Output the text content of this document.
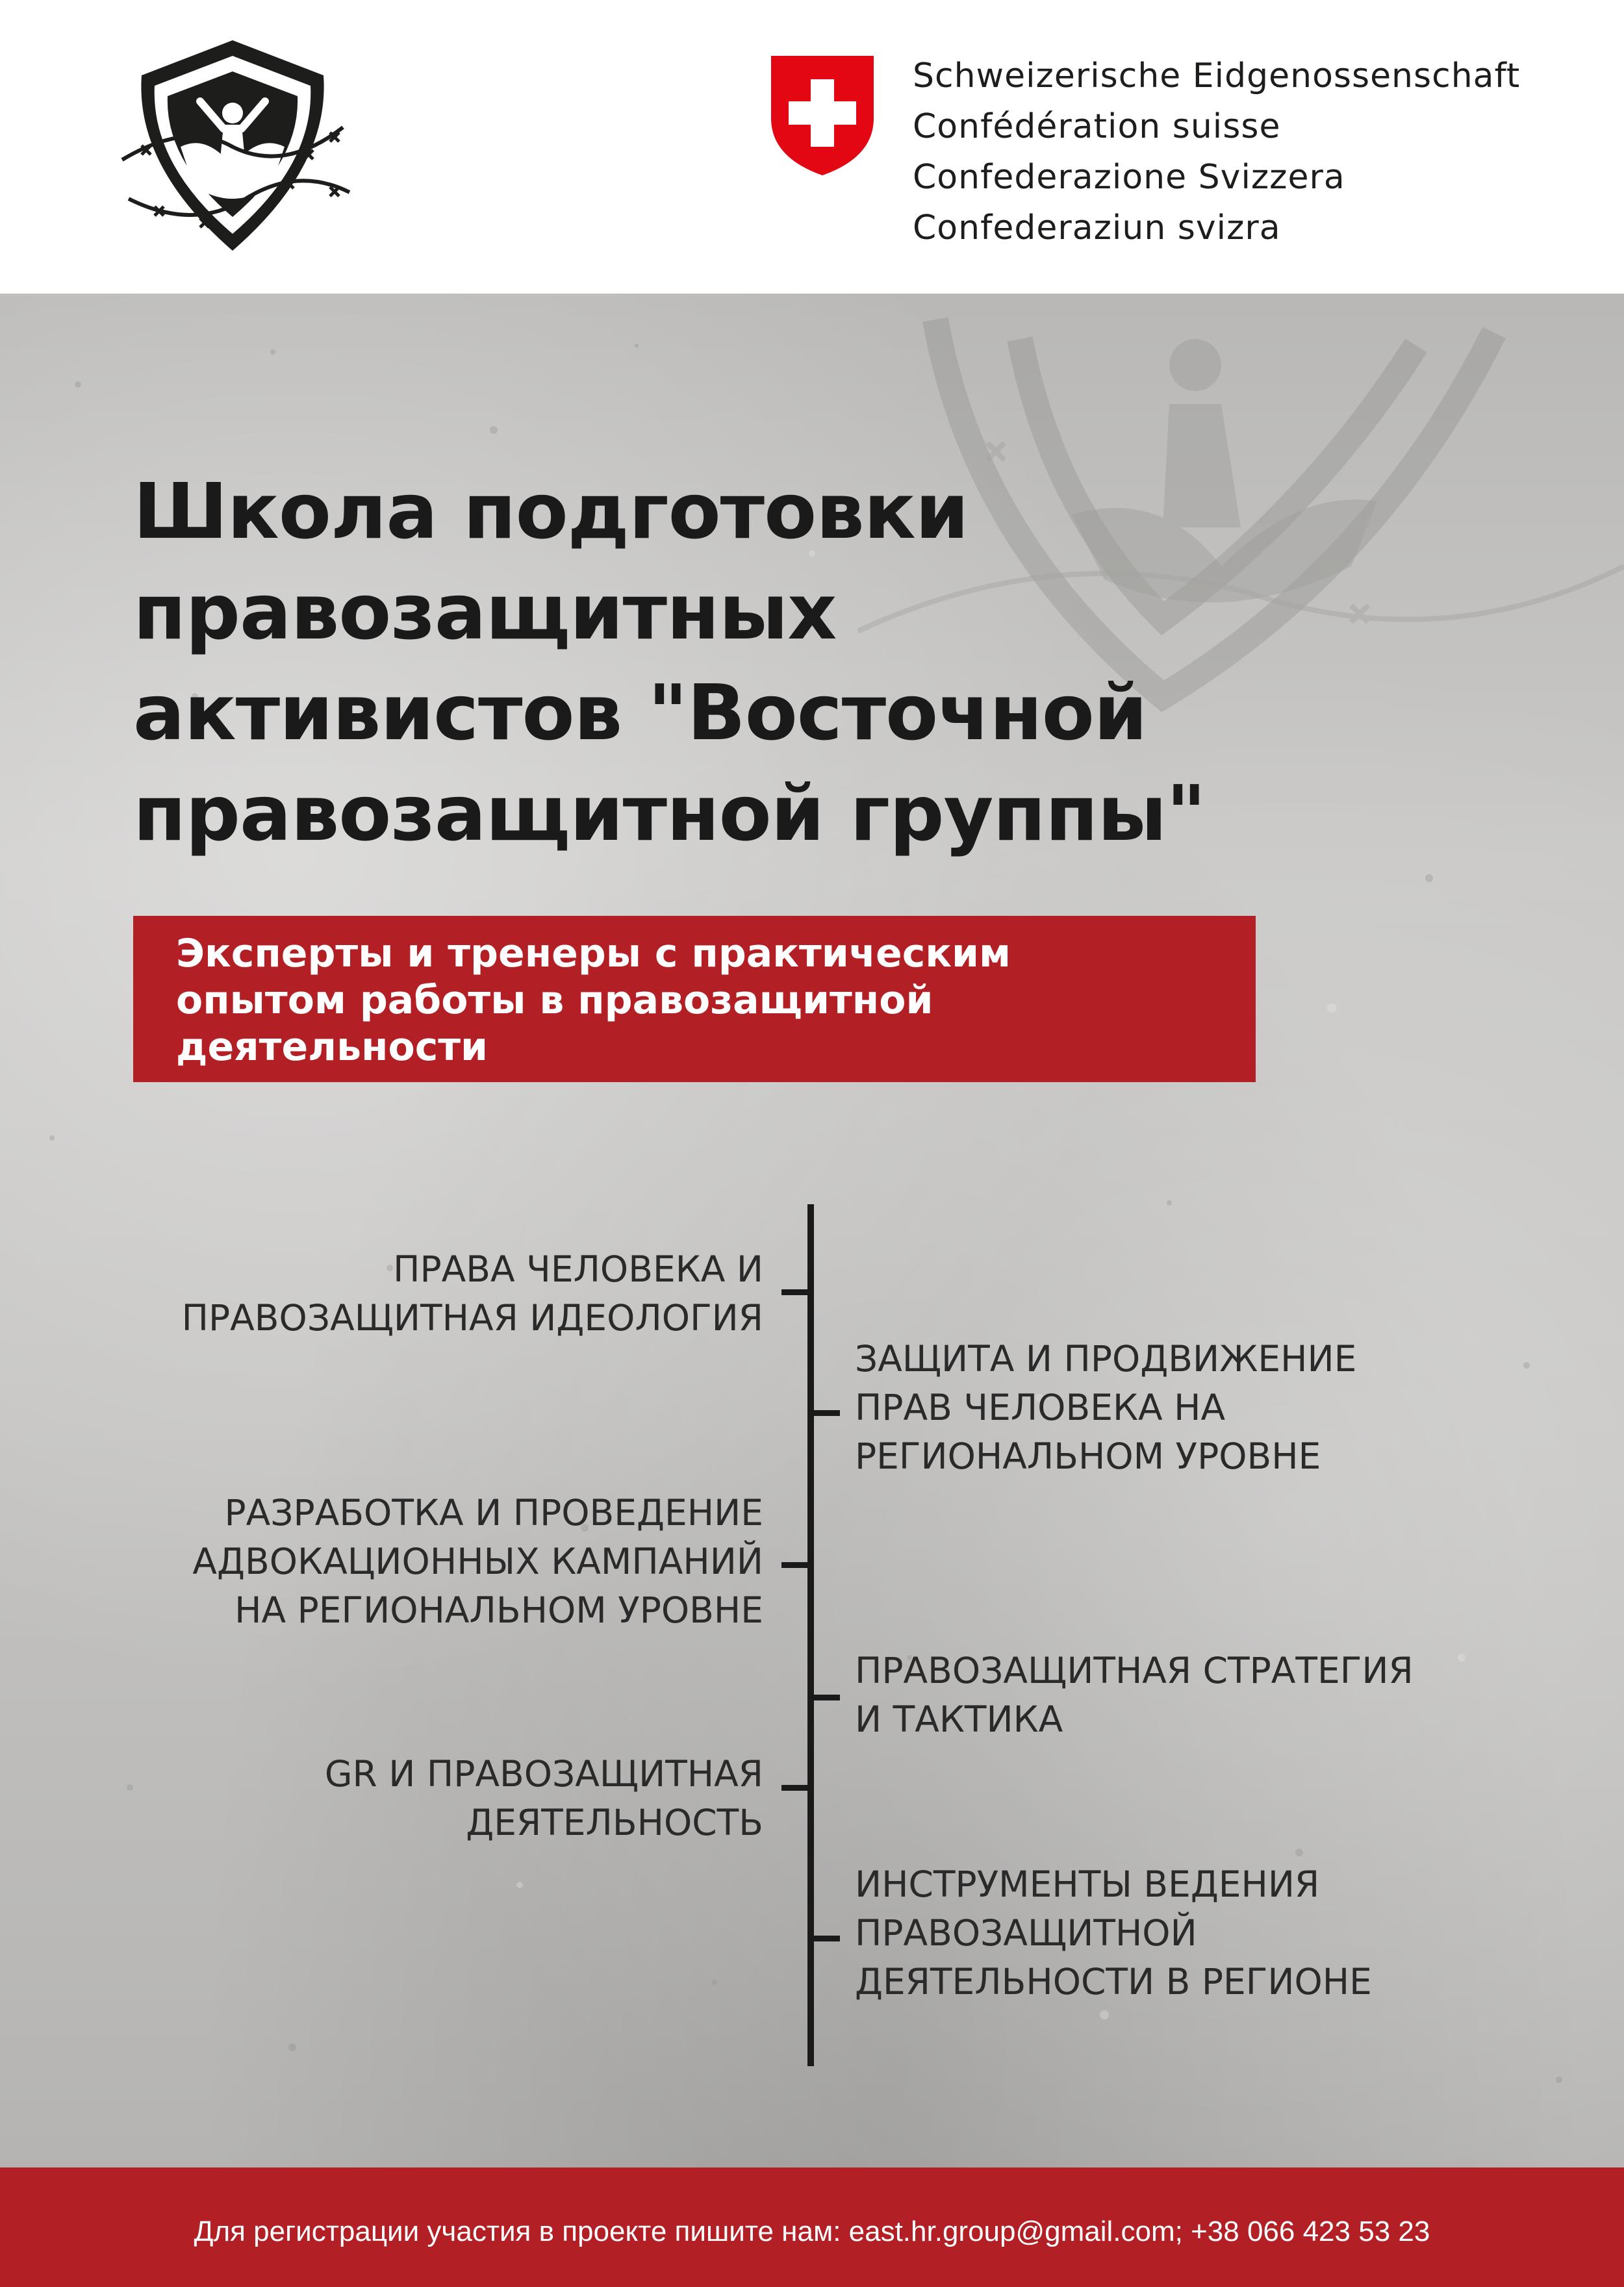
Schweizerische Eidgenossenschaft
Confédération suisse
Confederazione Svizzera
Confederaziun svizra
Школа подготовки
правозащитных
активистов "Восточной
правозащитной группы"
Эксперты и тренеры с практическим
опытом работы в правозащитной
деятельности
ПРАВА ЧЕЛОВЕКА И
ПРАВОЗАЩИТНАЯ ИДЕОЛОГИЯ
РАЗРАБОТКА И ПРОВЕДЕНИЕ
АДВОКАЦИОННЫХ КАМПАНИЙ
НА РЕГИОНАЛЬНОМ УРОВНЕ
GR И ПРАВОЗАЩИТНАЯ
ДЕЯТЕЛЬНОСТЬ
ЗАЩИТА И ПРОДВИЖЕНИЕ
ПРАВ ЧЕЛОВЕКА НА
РЕГИОНАЛЬНОМ УРОВНЕ
ПРАВОЗАЩИТНАЯ СТРАТЕГИЯ
И ТАКТИКА
ИНСТРУМЕНТЫ ВЕДЕНИЯ
ПРАВОЗАЩИТНОЙ
ДЕЯТЕЛЬНОСТИ В РЕГИОНЕ
Для регистрации участия в проекте пишите нам: east.hr.group@gmail.com; +38 066 423 53 23
